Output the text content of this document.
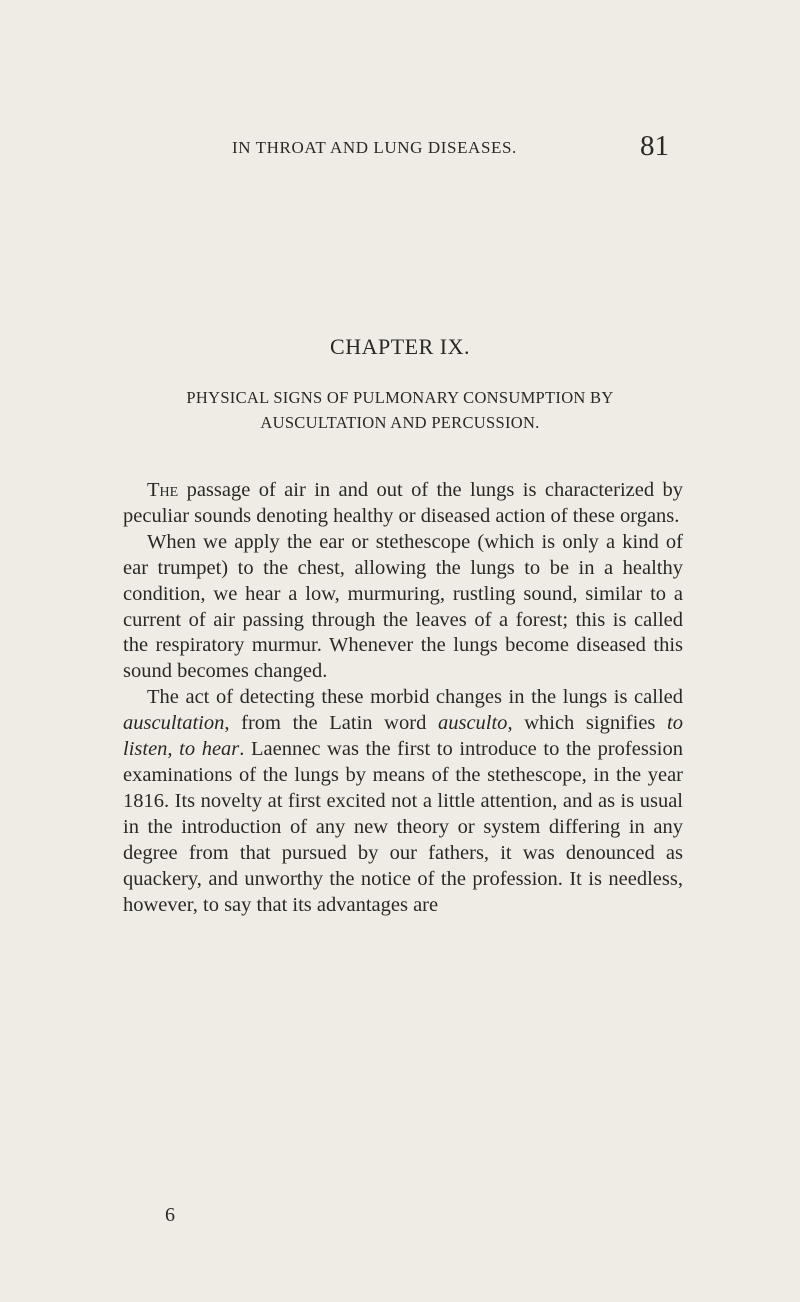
IN THROAT AND LUNG DISEASES.	81
CHAPTER IX.
PHYSICAL SIGNS OF PULMONARY CONSUMPTION BY
AUSCULTATION AND PERCUSSION.

The passage of air in and out of the lungs is characterized by peculiar sounds denoting healthy or diseased action of these organs.

When we apply the ear or stethescope (which is only a kind of ear trumpet) to the chest, allowing the lungs to be in a healthy condition, we hear a low, murmuring, rustling sound, similar to a current of air passing through the leaves of a forest; this is called the respiratory murmur. Whenever the lungs become diseased this sound becomes changed.

The act of detecting these morbid changes in the lungs is called auscultation, from the Latin word ausculto, which signifies to listen, to hear. Laennec was the first to introduce to the profession examinations of the lungs by means of the stethescope, in the year 1816. Its novelty at first excited not a little attention, and as is usual in the introduction of any new theory or system differing in any degree from that pursued by our fathers, it was denounced as quackery, and unworthy the notice of the profession. It is needless, however, to say that its advantages are

6
